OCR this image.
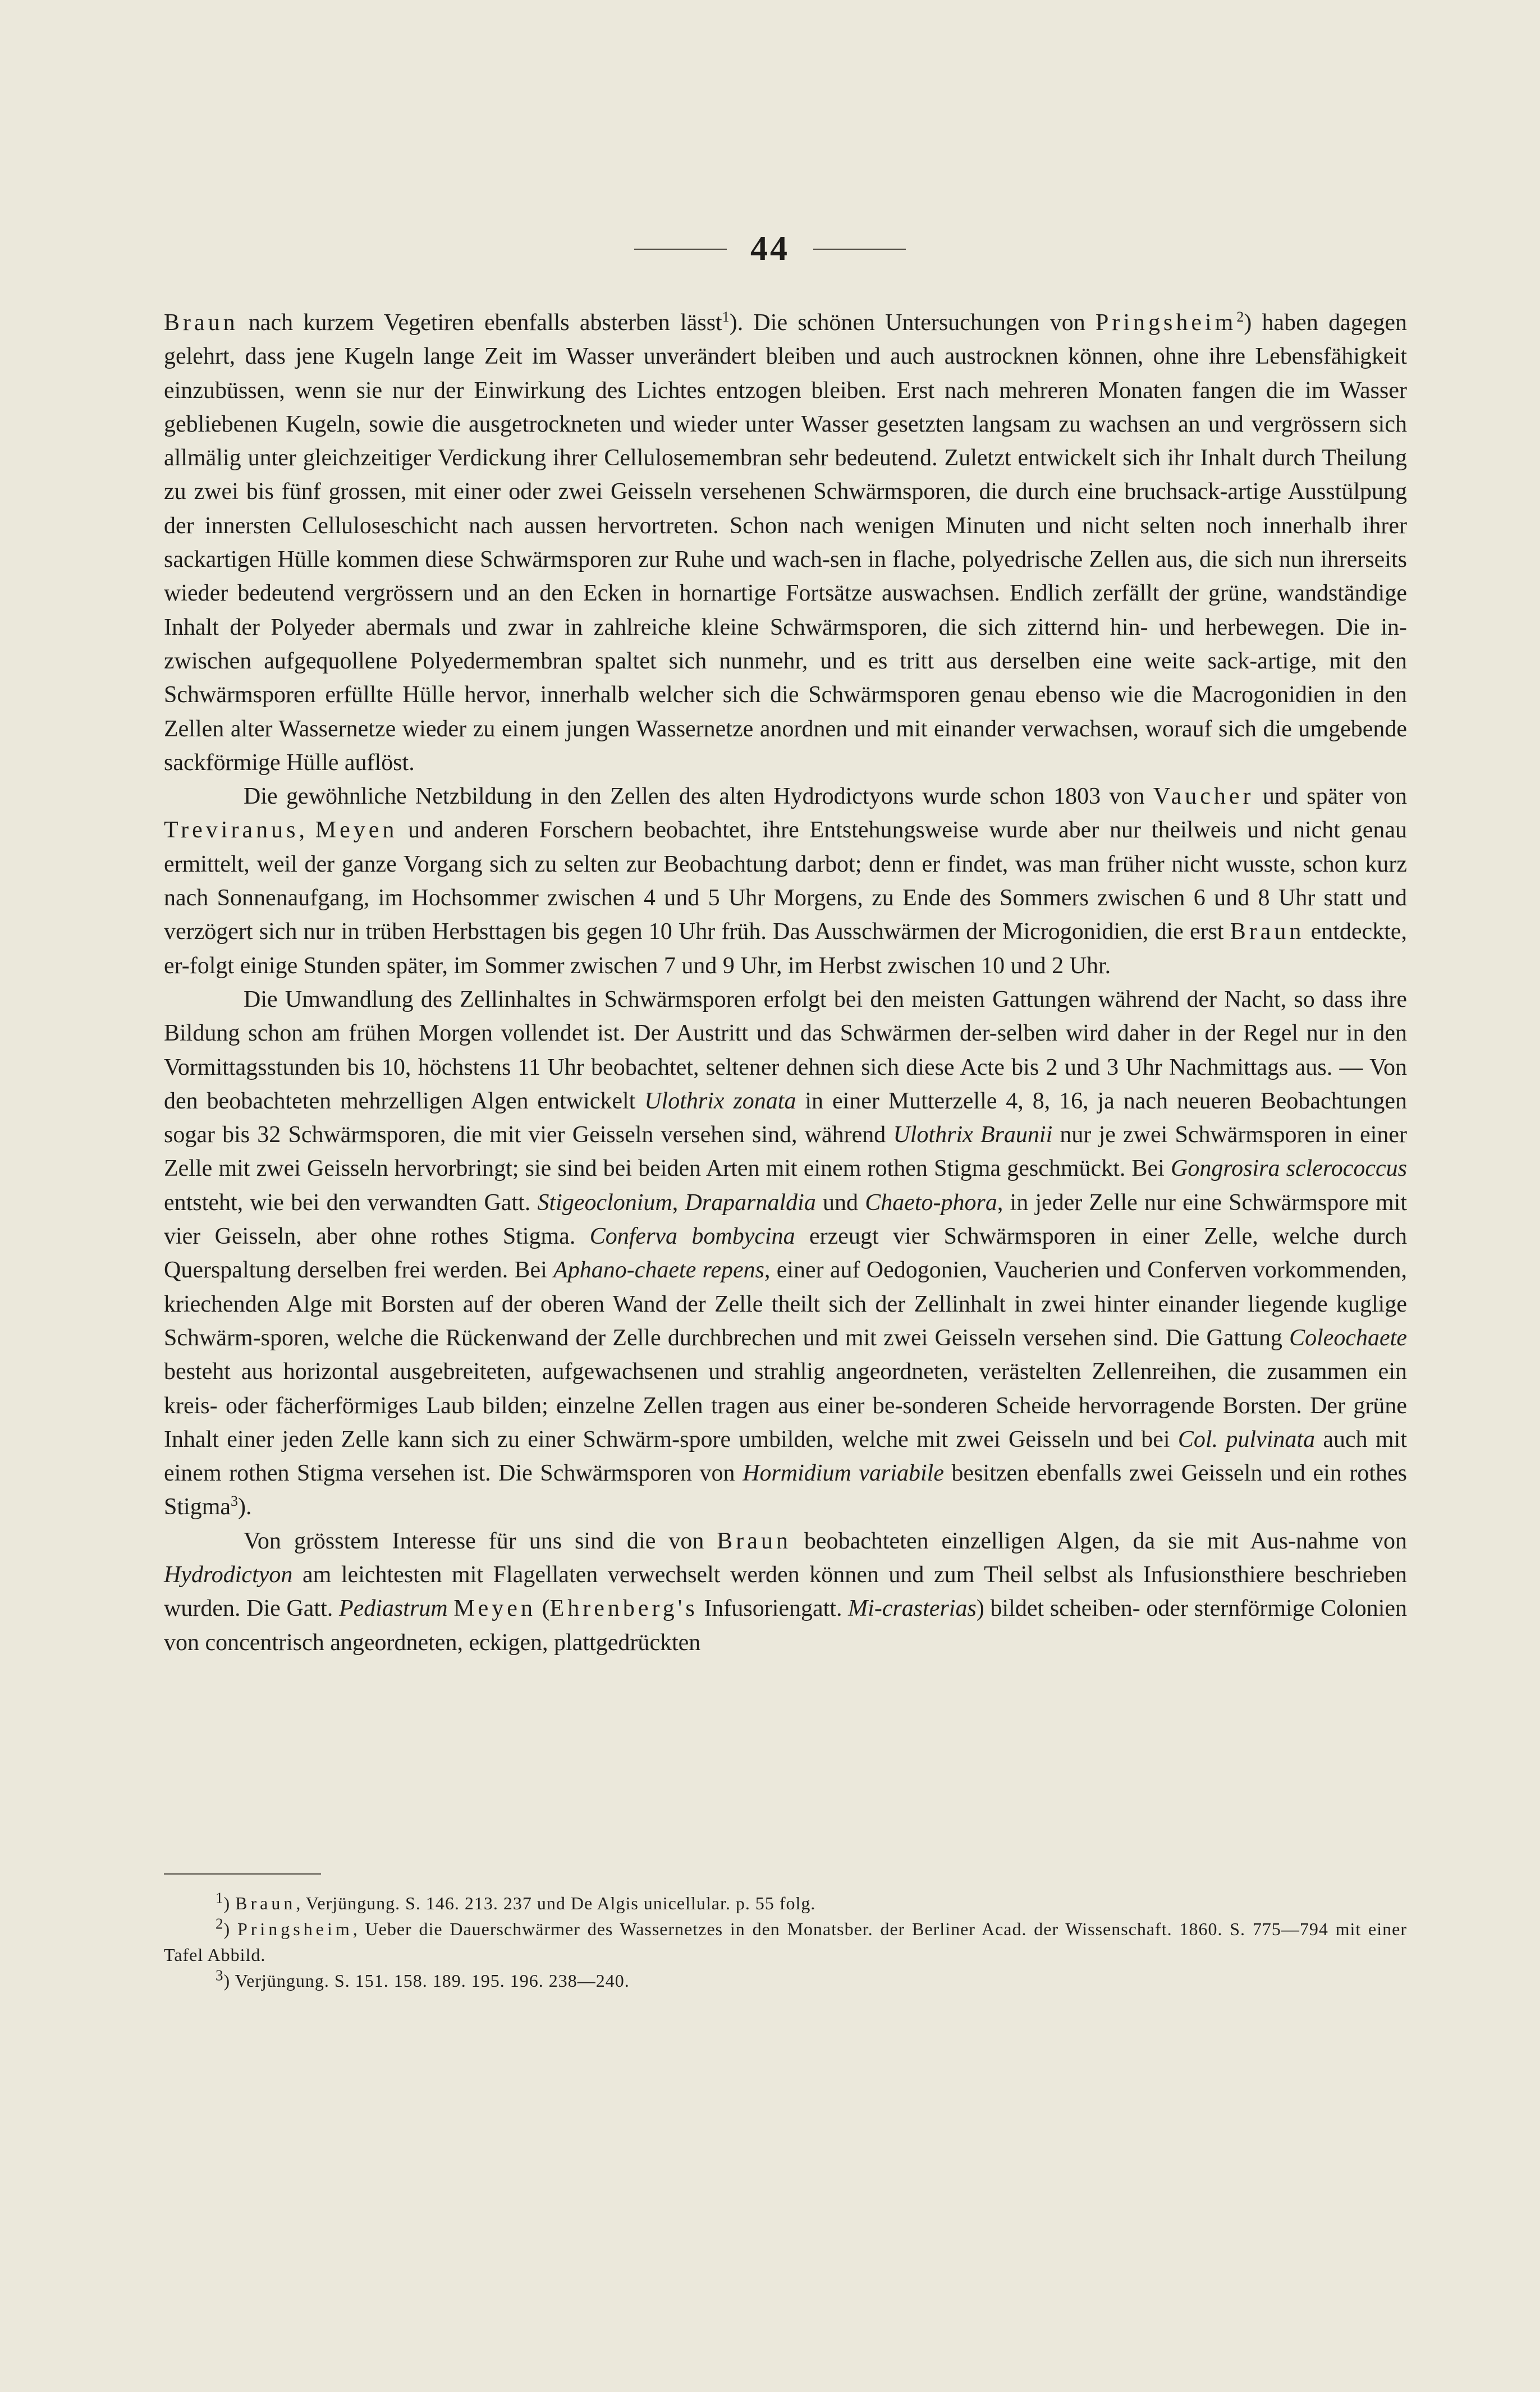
44

Braun nach kurzem Vegetiren ebenfalls absterben lässt$^1$). Die schönen Untersuchungen von Pringsheim$^2$) haben dagegen gelehrt, dass jene Kugeln lange Zeit im Wasser unverändert bleiben und auch austrocknen können, ohne ihre Lebensfähigkeit einzubüssen, wenn sie nur der Einwirkung des Lichtes entzogen bleiben. Erst nach mehreren Monaten fangen die im Wasser gebliebenen Kugeln, sowie die ausgetrockneten und wieder unter Wasser gesetzten langsam zu wachsen an und vergrössern sich allmälig unter gleichzeitiger Verdickung ihrer Cellulosemembran sehr bedeutend. Zuletzt entwickelt sich ihr Inhalt durch Theilung zu zwei bis fünf grossen, mit einer oder zwei Geisseln versehenen Schwärmsporen, die durch eine bruchsack-artige Ausstülpung der innersten Celluloseschicht nach aussen hervortreten. Schon nach wenigen Minuten und nicht selten noch innerhalb ihrer sackartigen Hülle kommen diese Schwärmsporen zur Ruhe und wach-sen in flache, polyedrische Zellen aus, die sich nun ihrerseits wieder bedeutend vergrössern und an den Ecken in hornartige Fortsätze auswachsen. Endlich zerfällt der grüne, wandständige Inhalt der Polyeder abermals und zwar in zahlreiche kleine Schwärmsporen, die sich zitternd hin- und herbewegen. Die in-zwischen aufgequollene Polyedermembran spaltet sich nunmehr, und es tritt aus derselben eine weite sack-artige, mit den Schwärmsporen erfüllte Hülle hervor, innerhalb welcher sich die Schwärmsporen genau ebenso wie die Macrogonidien in den Zellen alter Wassernetze wieder zu einem jungen Wassernetze anordnen und mit einander verwachsen, worauf sich die umgebende sackförmige Hülle auflöst.

Die gewöhnliche Netzbildung in den Zellen des alten Hydrodictyons wurde schon 1803 von Vaucher und später von Treviranus, Meyen und anderen Forschern beobachtet, ihre Entstehungsweise wurde aber nur theilweis und nicht genau ermittelt, weil der ganze Vorgang sich zu selten zur Beobachtung darbot; denn er findet, was man früher nicht wusste, schon kurz nach Sonnenaufgang, im Hochsommer zwischen 4 und 5 Uhr Morgens, zu Ende des Sommers zwischen 6 und 8 Uhr statt und verzögert sich nur in trüben Herbsttagen bis gegen 10 Uhr früh. Das Ausschwärmen der Microgonidien, die erst Braun entdeckte, er-folgt einige Stunden später, im Sommer zwischen 7 und 9 Uhr, im Herbst zwischen 10 und 2 Uhr.

Die Umwandlung des Zellinhaltes in Schwärmsporen erfolgt bei den meisten Gattungen während der Nacht, so dass ihre Bildung schon am frühen Morgen vollendet ist. Der Austritt und das Schwärmen der-selben wird daher in der Regel nur in den Vormittagsstunden bis 10, höchstens 11 Uhr beobachtet, seltener dehnen sich diese Acte bis 2 und 3 Uhr Nachmittags aus. — Von den beobachteten mehrzelligen Algen entwickelt Ulothrix zonata in einer Mutterzelle 4, 8, 16, ja nach neueren Beobachtungen sogar bis 32 Schwärmsporen, die mit vier Geisseln versehen sind, während Ulothrix Braunii nur je zwei Schwärmsporen in einer Zelle mit zwei Geisseln hervorbringt; sie sind bei beiden Arten mit einem rothen Stigma geschmückt. Bei Gongrosira sclerococcus entsteht, wie bei den verwandten Gatt. Stigeoclonium, Draparnaldia und Chaeto-phora, in jeder Zelle nur eine Schwärmspore mit vier Geisseln, aber ohne rothes Stigma. Conferva bombycina erzeugt vier Schwärmsporen in einer Zelle, welche durch Querspaltung derselben frei werden. Bei Aphano-chaete repens, einer auf Oedogonien, Vaucherien und Conferven vorkommenden, kriechenden Alge mit Borsten auf der oberen Wand der Zelle theilt sich der Zellinhalt in zwei hinter einander liegende kuglige Schwärm-sporen, welche die Rückenwand der Zelle durchbrechen und mit zwei Geisseln versehen sind. Die Gattung Coleochaete besteht aus horizontal ausgebreiteten, aufgewachsenen und strahlig angeordneten, verästelten Zellenreihen, die zusammen ein kreis- oder fächerförmiges Laub bilden; einzelne Zellen tragen aus einer be-sonderen Scheide hervorragende Borsten. Der grüne Inhalt einer jeden Zelle kann sich zu einer Schwärm-spore umbilden, welche mit zwei Geisseln und bei Col. pulvinata auch mit einem rothen Stigma versehen ist. Die Schwärmsporen von Hormidium variabile besitzen ebenfalls zwei Geisseln und ein rothes Stigma$^3$).

Von grösstem Interesse für uns sind die von Braun beobachteten einzelligen Algen, da sie mit Aus-nahme von Hydrodictyon am leichtesten mit Flagellaten verwechselt werden können und zum Theil selbst als Infusionsthiere beschrieben wurden. Die Gatt. Pediastrum Meyen (Ehrenberg's Infusoriengatt. Mi-crasterias) bildet scheiben- oder sternförmige Colonien von concentrisch angeordneten, eckigen, plattgedrückten

$^1$) Braun, Verjüngung. S. 146. 213. 237 und De Algis unicellular. p. 55 folg.

$^2$) Pringsheim, Ueber die Dauerschwärmer des Wassernetzes in den Monatsber. der Berliner Acad. der Wissenschaft. 1860. S. 775—794 mit einer Tafel Abbild.

$^3$) Verjüngung. S. 151. 158. 189. 195. 196. 238—240.
